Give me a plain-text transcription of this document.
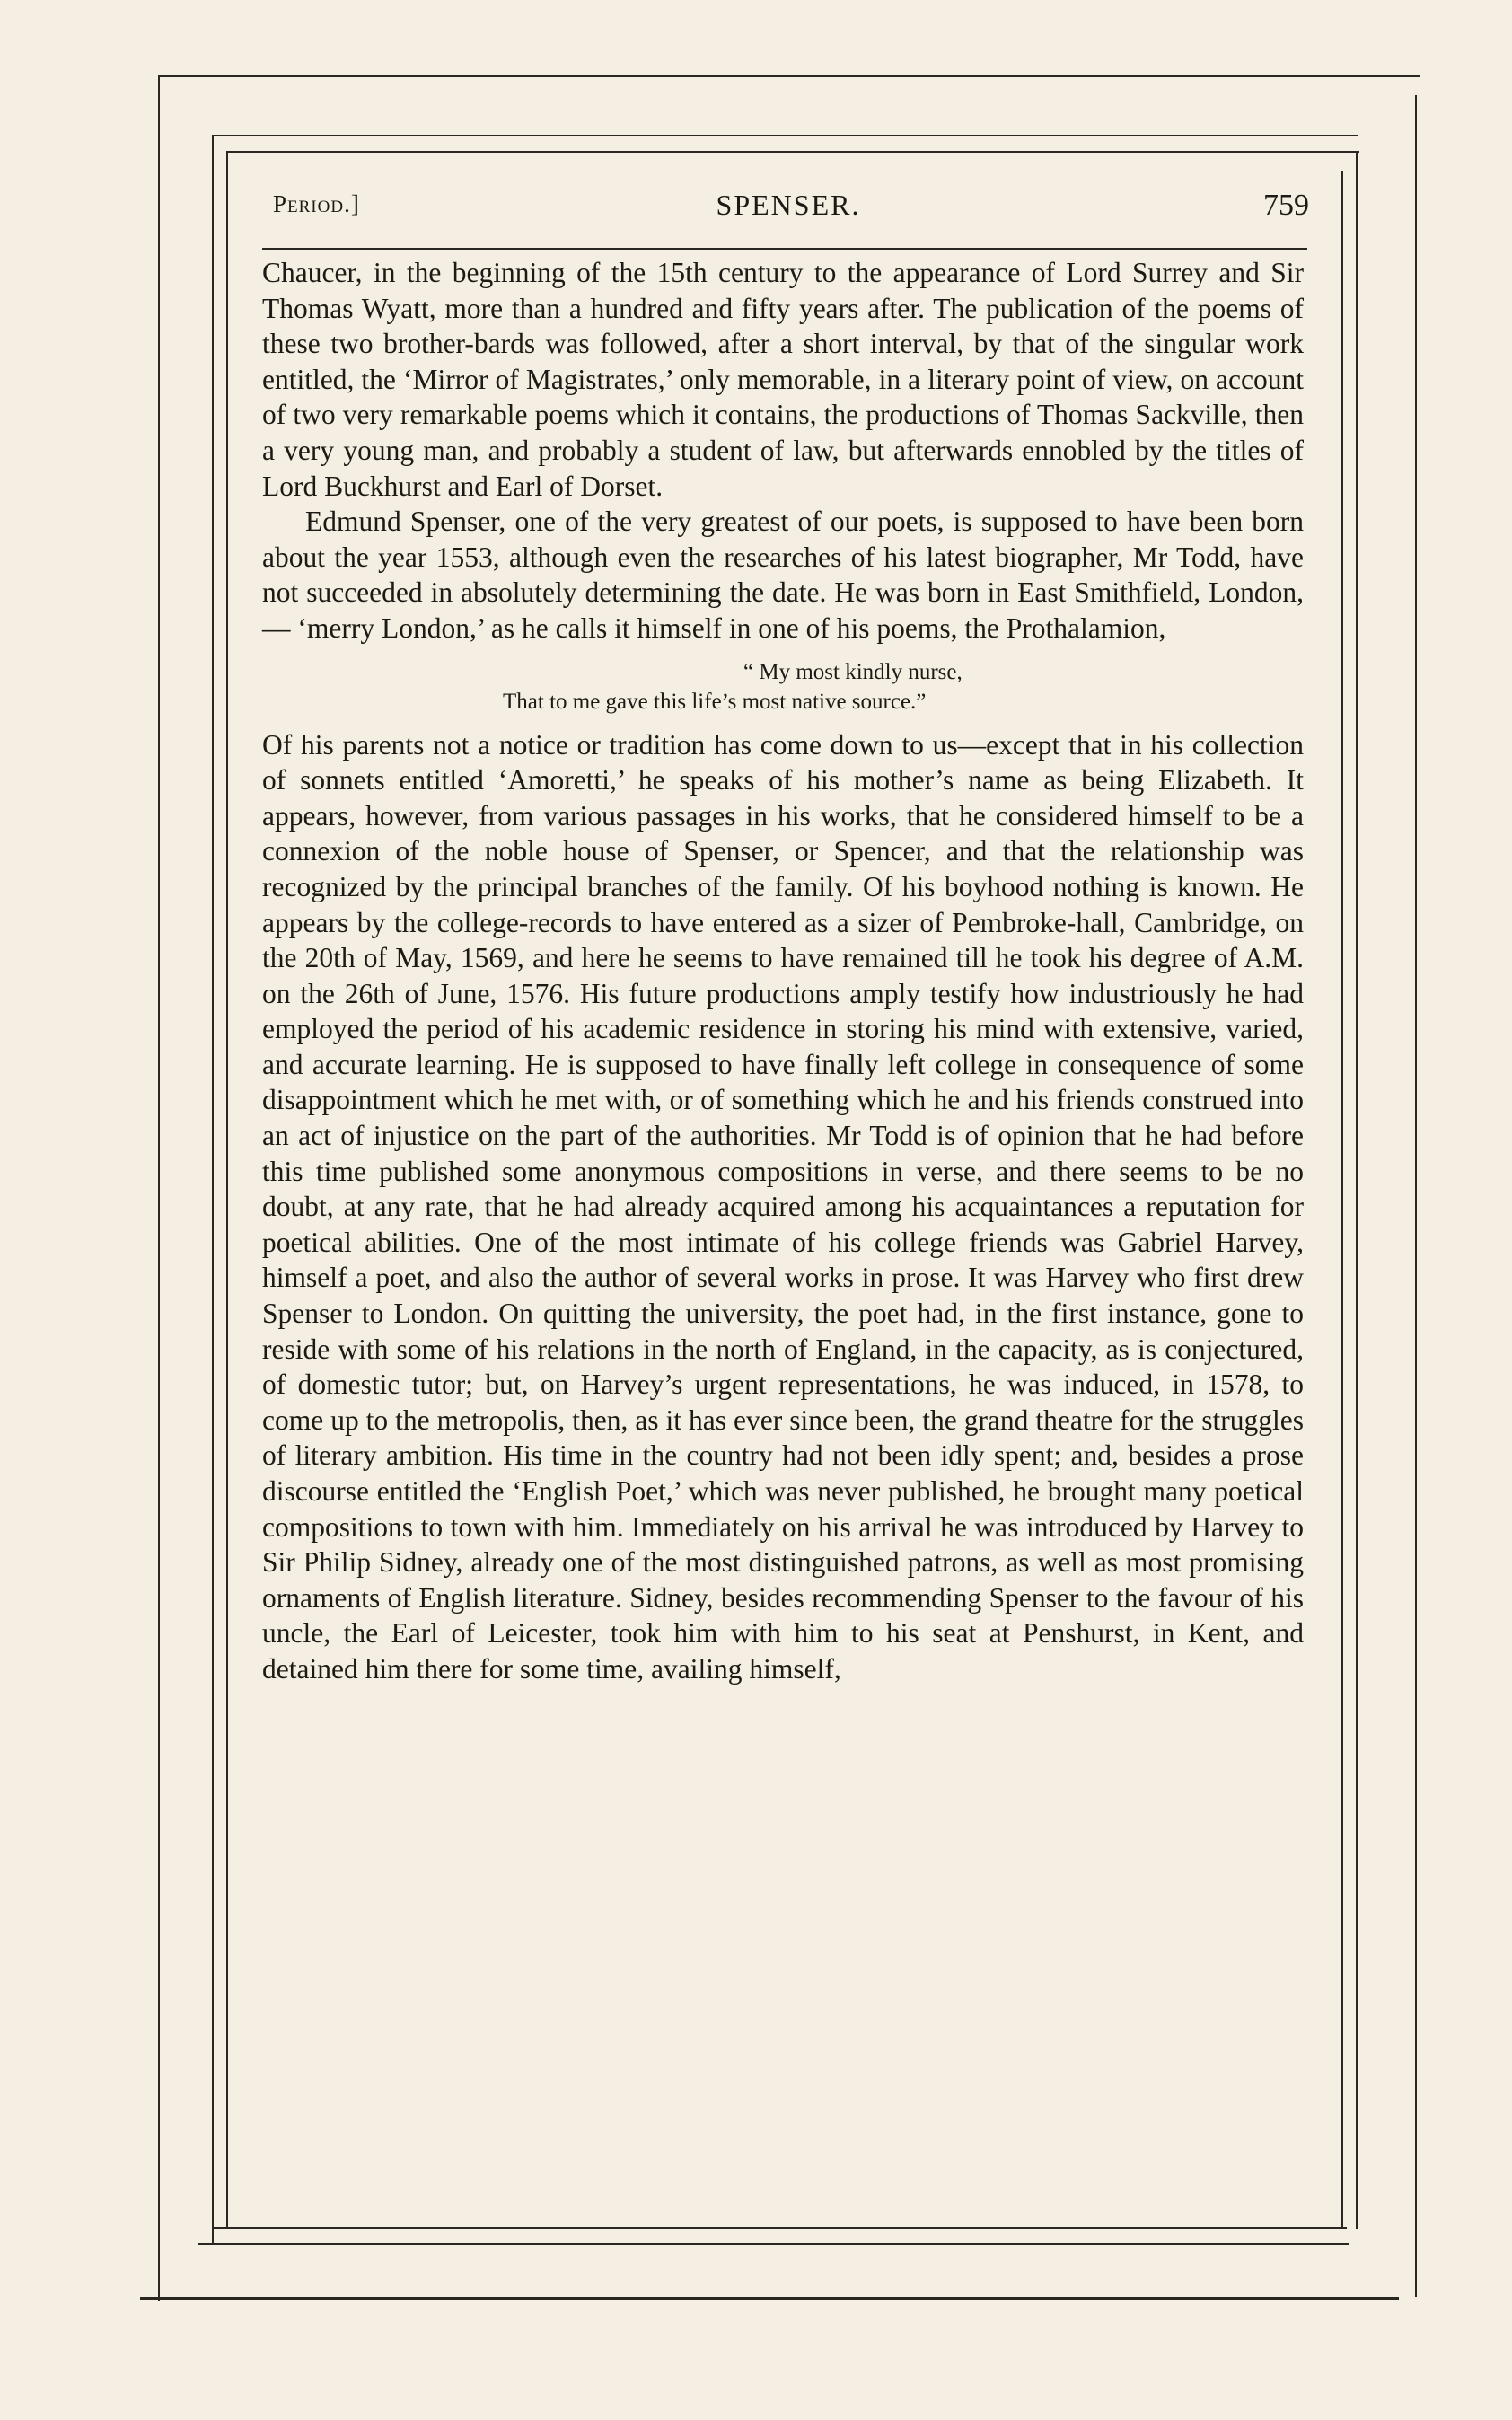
Period.]	SPENSER.	759

Chaucer, in the beginning of the 15th century to the appearance of Lord Surrey and Sir Thomas Wyatt, more than a hundred and fifty years after. The publication of the poems of these two brother-bards was followed, after a short interval, by that of the singular work entitled, the ‘Mirror of Magistrates,’ only memorable, in a literary point of view, on account of two very remarkable poems which it contains, the productions of Thomas Sackville, then a very young man, and probably a student of law, but afterwards ennobled by the titles of Lord Buckhurst and Earl of Dorset.

Edmund Spenser, one of the very greatest of our poets, is supposed to have been born about the year 1553, although even the researches of his latest biographer, Mr Todd, have not succeeded in absolutely determining the date. He was born in East Smithfield, London,— ‘merry London,’ as he calls it himself in one of his poems, the Prothalamion,

“ My most kindly nurse,
That to me gave this life’s most native source.”

Of his parents not a notice or tradition has come down to us—except that in his collection of sonnets entitled ‘Amoretti,’ he speaks of his mother’s name as being Elizabeth. It appears, however, from various passages in his works, that he considered himself to be a connexion of the noble house of Spenser, or Spencer, and that the relationship was recognized by the principal branches of the family. Of his boyhood nothing is known. He appears by the college-records to have entered as a sizer of Pembroke-hall, Cambridge, on the 20th of May, 1569, and here he seems to have remained till he took his degree of A.M. on the 26th of June, 1576. His future productions amply testify how industriously he had employed the period of his academic residence in storing his mind with extensive, varied, and accurate learning. He is supposed to have finally left college in consequence of some disappointment which he met with, or of something which he and his friends construed into an act of injustice on the part of the authorities. Mr Todd is of opinion that he had before this time published some anonymous compositions in verse, and there seems to be no doubt, at any rate, that he had already acquired among his acquaintances a reputation for poetical abilities. One of the most intimate of his college friends was Gabriel Harvey, himself a poet, and also the author of several works in prose. It was Harvey who first drew Spenser to London. On quitting the university, the poet had, in the first instance, gone to reside with some of his relations in the north of England, in the capacity, as is conjectured, of domestic tutor; but, on Harvey’s urgent representations, he was induced, in 1578, to come up to the metropolis, then, as it has ever since been, the grand theatre for the struggles of literary ambition. His time in the country had not been idly spent; and, besides a prose discourse entitled the ‘English Poet,’ which was never published, he brought many poetical compositions to town with him. Immediately on his arrival he was introduced by Harvey to Sir Philip Sidney, already one of the most distinguished patrons, as well as most promising ornaments of English literature. Sidney, besides recommending Spenser to the favour of his uncle, the Earl of Leicester, took him with him to his seat at Penshurst, in Kent, and detained him there for some time, availing himself,
